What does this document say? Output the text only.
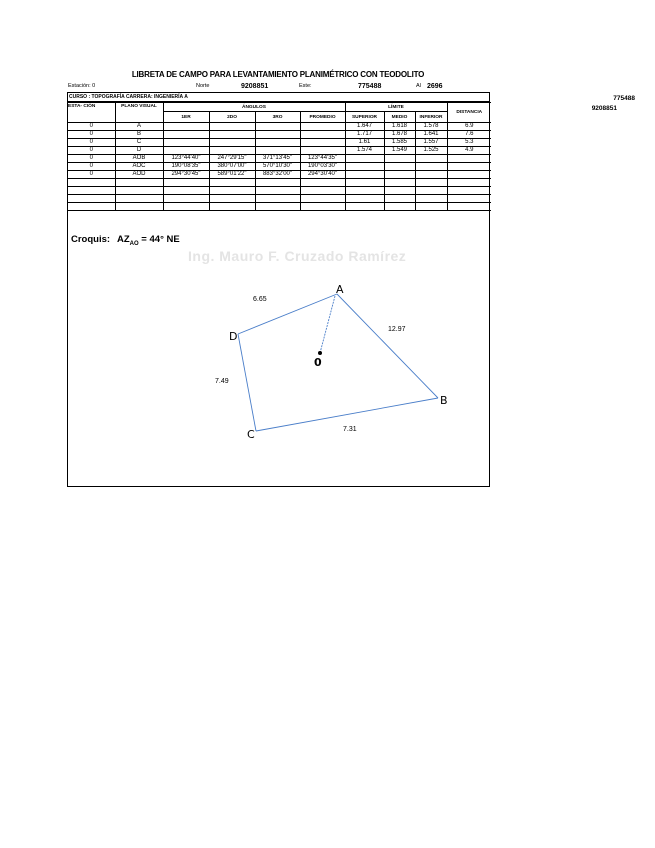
LIBRETA DE CAMPO PARA LEVANTAMIENTO PLANIMÉTRICO CON TEODOLITO
Estación: 0	Norte	9208851	Este:	775488	Al 2696
775488
9208851
CURSO : TOPOGRAFÍA CARRERA: INGENIERÍA A
ESTA- CIÓN	PLANO VISUAL	ÁNGULOS				LÍMITE			DISTANCIA
		1ER	2DO	3RO	PROMEDIO	SUPERIOR	MEDIO	INFERIOR	
0	A					1.647	1.618	1.578	6.9
0	B					1.717	1.678	1.641	7.6
0	C					1.61	1.585	1.557	5.3
0	D					1.574	1.549	1.525	4.9
0	AOB	123°44'40"	247°29'15"	371°13'45"	123°44'35"				
0	AOC	190°08'35"	380°07'00"	570°10'30"	190°03'30"				
0	AOD	294°30'45"	589°01'22"	883°32'00"	294°30'40"				

Croquis: $AZ_{AO} = 44^\circ$ NE
Ing. Mauro F. Cruzado Ramírez
A
B
C
D
0
6.65
12.97
7.31
7.49
